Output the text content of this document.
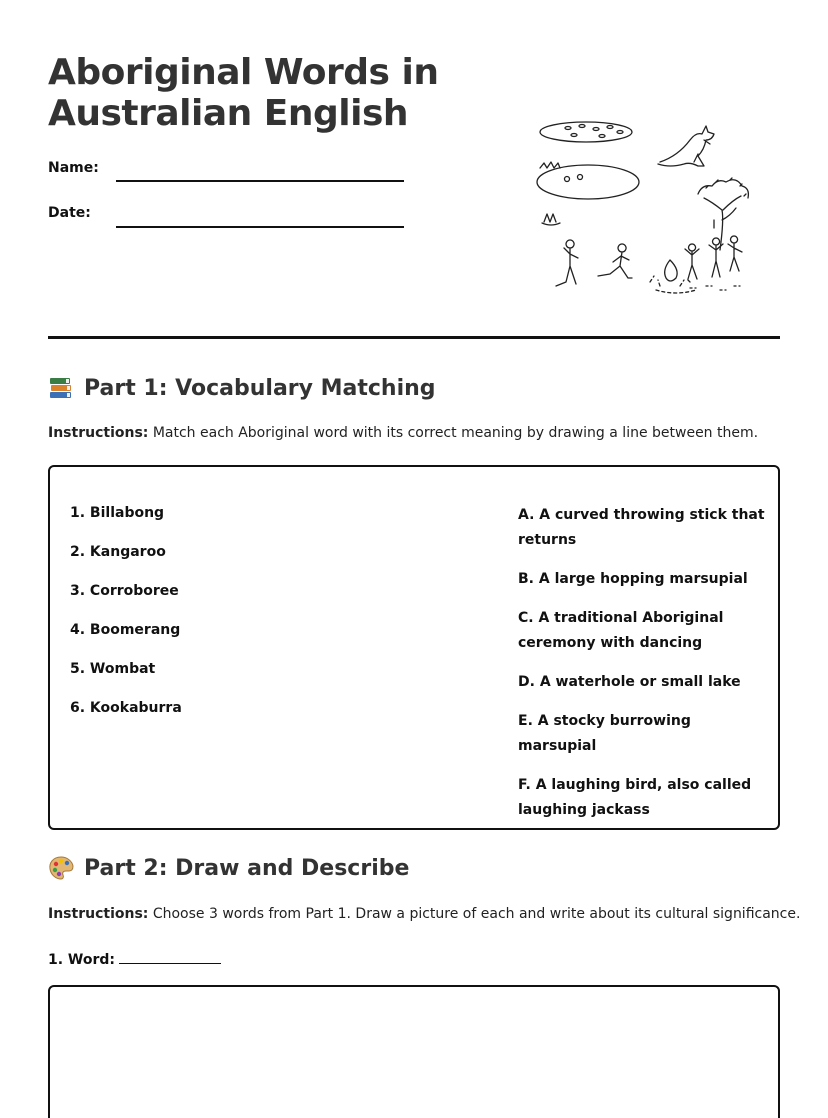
Aboriginal Words in Australian English
Name:
Date:
Part 1: Vocabulary Matching
Instructions: Match each Aboriginal word with its correct meaning by drawing a line between them.
1. Billabong
2. Kangaroo
3. Corroboree
4. Boomerang
5. Wombat
6. Kookaburra
A. A curved throwing stick that returns
B. A large hopping marsupial
C. A traditional Aboriginal ceremony with dancing
D. A waterhole or small lake
E. A stocky burrowing marsupial
F. A laughing bird, also called laughing jackass
Part 2: Draw and Describe
Instructions: Choose 3 words from Part 1. Draw a picture of each and write about its cultural significance.
1. Word:
